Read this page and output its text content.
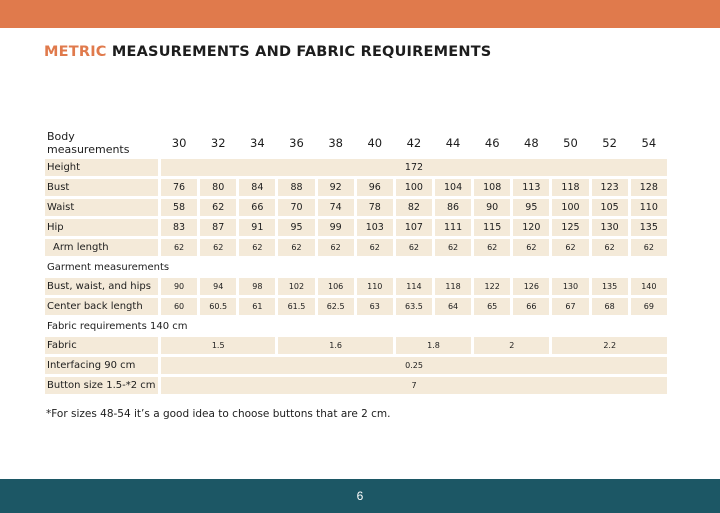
METRIC MEASUREMENTS AND FABRIC REQUIREMENTS
Body measurements	30	32	34	36	38	40	42	44	46	48	50	52	54
Height	172												
Bust	76	80	84	88	92	96	100	104	108	113	118	123	128
Waist	58	62	66	70	74	78	82	86	90	95	100	105	110
Hip	83	87	91	95	99	103	107	111	115	120	125	130	135
Arm length	62	62	62	62	62	62	62	62	62	62	62	62	62
Garment measurements													
Bust, waist, and hips	90	94	98	102	106	110	114	118	122	126	130	135	140
Center back length	60	60.5	61	61.5	62.5	63	63.5	64	65	66	67	68	69
Fabric requirements 140 cm													
Fabric	1.5			1.6			1.8		2		2.2		
Interfacing 90 cm	0.25												
Button size 1.5-*2 cm	7												
*For sizes 48-54 it’s a good idea to choose buttons that are 2 cm.
6
